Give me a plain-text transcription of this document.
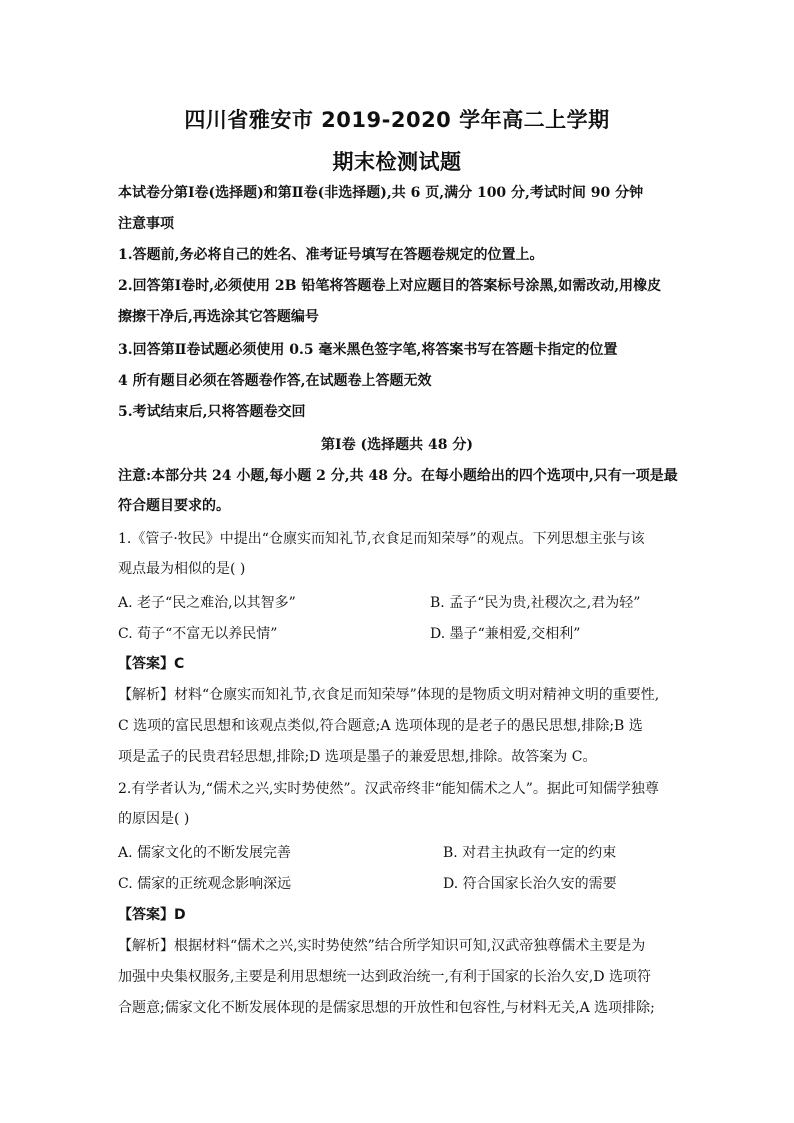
四川省雅安市 2019-2020 学年高二上学期
期末检测试题
本试卷分第Ⅰ卷(选择题)和第Ⅱ卷(非选择题),共 6 页,满分 100 分,考试时间 90 分钟
注意事项
1.答题前,务必将自己的姓名、准考证号填写在答题卷规定的位置上。
2.回答第Ⅰ卷时,必须使用 2B 铅笔将答题卷上对应题目的答案标号涂黑,如需改动,用橡皮
擦擦干净后,再选涂其它答题编号
3.回答第Ⅱ卷试题必须使用 0.5 毫米黑色签字笔,将答案书写在答题卡指定的位置
4 所有题目必须在答题卷作答,在试题卷上答题无效
5.考试结束后,只将答题卷交回
第Ⅰ卷 (选择题共 48 分)
注意:本部分共 24 小题,每小题 2 分,共 48 分。在每小题给出的四个选项中,只有一项是最
符合题目要求的。
1.《管子·牧民》中提出“仓廪实而知礼节,衣食足而知荣辱”的观点。下列思想主张与该
观点最为相似的是( )
A. 老子“民之难治,以其智多”	B. 孟子“民为贵,社稷次之,君为轻”
C. 荀子“不富无以养民情”	D. 墨子“兼相爱,交相利”
【答案】C
【解析】材料“仓廪实而知礼节,衣食足而知荣辱”体现的是物质文明对精神文明的重要性,
C 选项的富民思想和该观点类似,符合题意;A 选项体现的是老子的愚民思想,排除;B 选
项是孟子的民贵君轻思想,排除;D 选项是墨子的兼爱思想,排除。故答案为 C。
2.有学者认为,“儒术之兴,实时势使然”。汉武帝终非“能知儒术之人”。据此可知儒学独尊
的原因是( )
A. 儒家文化的不断发展完善	B. 对君主执政有一定的约束
C. 儒家的正统观念影响深远	D. 符合国家长治久安的需要
【答案】D
【解析】根据材料“儒术之兴,实时势使然”结合所学知识可知,汉武帝独尊儒术主要是为
加强中央集权服务,主要是利用思想统一达到政治统一,有利于国家的长治久安,D 选项符
合题意;儒家文化不断发展体现的是儒家思想的开放性和包容性,与材料无关,A 选项排除;
